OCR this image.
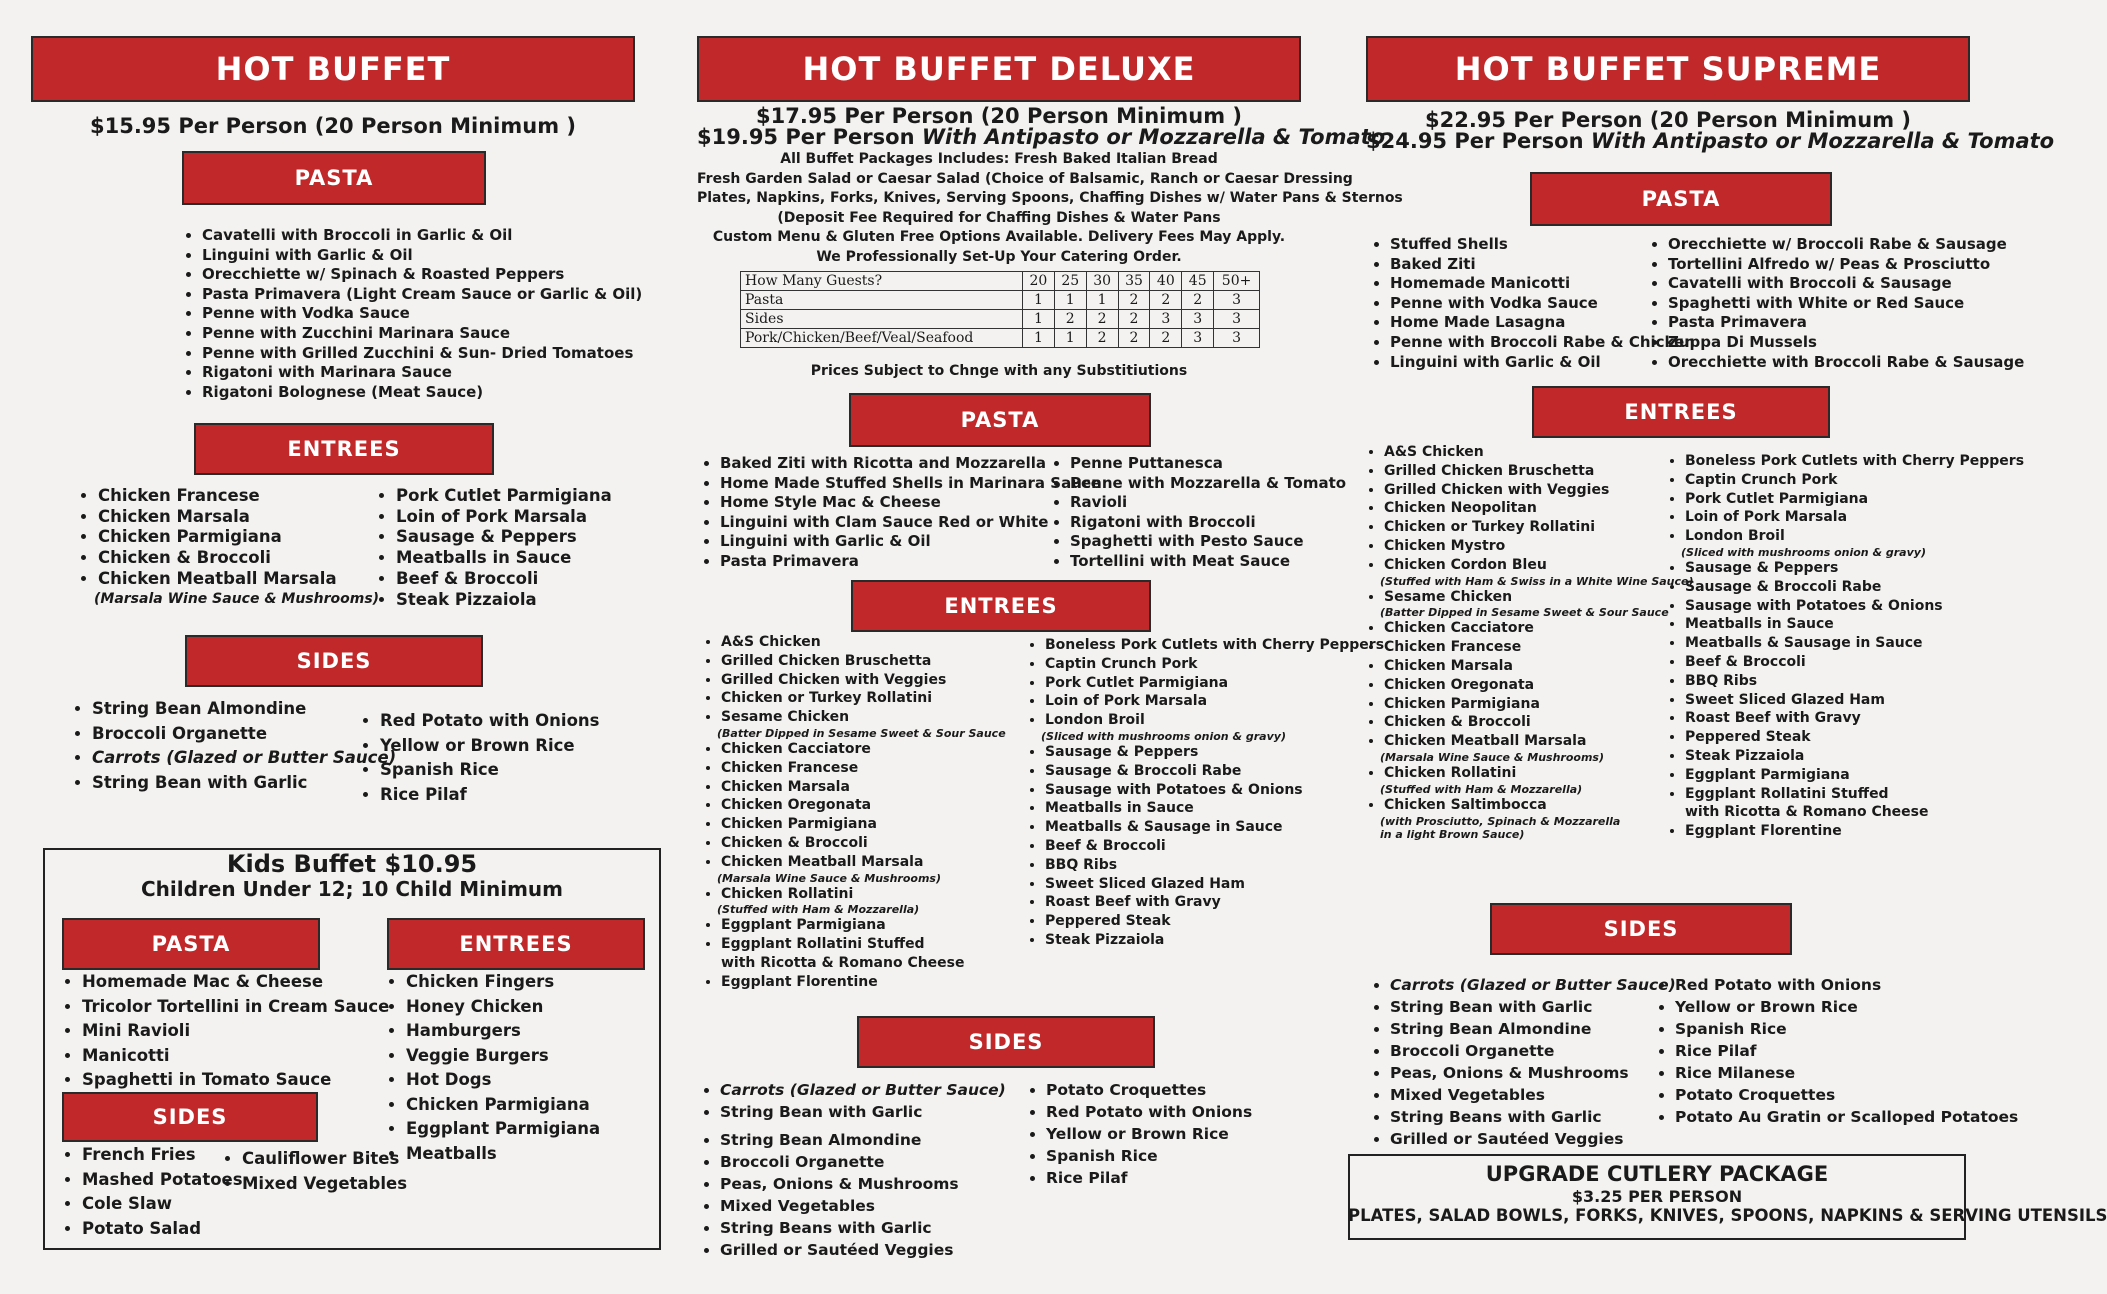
HOT BUFFET
$15.95 Per Person (20 Person Minimum )
PASTA
• Cavatelli with Broccoli in Garlic & Oil
• Linguini with Garlic & Oil
• Orecchiette w/ Spinach & Roasted Peppers
• Pasta Primavera (Light Cream Sauce or Garlic & Oil)
• Penne with Vodka Sauce
• Penne with Zucchini Marinara Sauce
• Penne with Grilled Zucchini & Sun- Dried Tomatoes
• Rigatoni with Marinara Sauce
• Rigatoni Bolognese (Meat Sauce)
ENTREES
• Chicken Francese
• Chicken Marsala
• Chicken Parmigiana
• Chicken & Broccoli
• Chicken Meatball Marsala
(Marsala Wine Sauce & Mushrooms)
• Pork Cutlet Parmigiana
• Loin of Pork Marsala
• Sausage & Peppers
• Meatballs in Sauce
• Beef & Broccoli
• Steak Pizzaiola
SIDES
• String Bean Almondine
• Broccoli Organette
• Carrots (Glazed or Butter Sauce)
• String Bean with Garlic
• Red Potato with Onions
• Yellow or Brown Rice
• Spanish Rice
• Rice Pilaf
Kids Buffet $10.95
Children Under 12; 10 Child Minimum
PASTA	ENTREES
• Homemade Mac & Cheese
• Tricolor Tortellini in Cream Sauce
• Mini Ravioli
• Manicotti
• Spaghetti in Tomato Sauce
• Chicken Fingers
• Honey Chicken
• Hamburgers
• Veggie Burgers
• Hot Dogs
• Chicken Parmigiana
• Eggplant Parmigiana
• Meatballs
SIDES
• French Fries
• Mashed Potatoes
• Cole Slaw
• Potato Salad
• Cauliflower Bites
• Mixed Vegetables
HOT BUFFET DELUXE
$17.95 Per Person (20 Person Minimum )
$19.95 Per Person With Antipasto or Mozzarella & Tomato
All Buffet Packages Includes: Fresh Baked Italian Bread
Fresh Garden Salad or Caesar Salad (Choice of Balsamic, Ranch or Caesar Dressing
Plates, Napkins, Forks, Knives, Serving Spoons, Chaffing Dishes w/ Water Pans & Sternos
(Deposit Fee Required for Chaffing Dishes & Water Pans
Custom Menu & Gluten Free Options Available. Delivery Fees May Apply.
We Professionally Set-Up Your Catering Order.
How Many Guests?	20	25	30	35	40	45	50+
Pasta	1	1	1	2	2	2	3
Sides	1	2	2	2	3	3	3
Pork/Chicken/Beef/Veal/Seafood	1	1	2	2	2	3	3
Prices Subject to Chnge with any Substitiutions
PASTA
• Baked Ziti with Ricotta and Mozzarella
• Home Made Stuffed Shells in Marinara Sauce
• Home Style Mac & Cheese
• Linguini with Clam Sauce Red or White
• Linguini with Garlic & Oil
• Pasta Primavera
• Penne Puttanesca
• Penne with Mozzarella & Tomato
• Ravioli
• Rigatoni with Broccoli
• Spaghetti with Pesto Sauce
• Tortellini with Meat Sauce
ENTREES
• A&S Chicken
• Grilled Chicken Bruschetta
• Grilled Chicken with Veggies
• Chicken or Turkey Rollatini
• Sesame Chicken
(Batter Dipped in Sesame Sweet & Sour Sauce
• Chicken Cacciatore
• Chicken Francese
• Chicken Marsala
• Chicken Oregonata
• Chicken Parmigiana
• Chicken & Broccoli
• Chicken Meatball Marsala
(Marsala Wine Sauce & Mushrooms)
• Chicken Rollatini
(Stuffed with Ham & Mozzarella)
• Eggplant Parmigiana
• Eggplant Rollatini Stuffed
with Ricotta & Romano Cheese
• Eggplant Florentine
• Boneless Pork Cutlets with Cherry Peppers
• Captin Crunch Pork
• Pork Cutlet Parmigiana
• Loin of Pork Marsala
• London Broil
(Sliced with mushrooms onion & gravy)
• Sausage & Peppers
• Sausage & Broccoli Rabe
• Sausage with Potatoes & Onions
• Meatballs in Sauce
• Meatballs & Sausage in Sauce
• Beef & Broccoli
• BBQ Ribs
• Sweet Sliced Glazed Ham
• Roast Beef with Gravy
• Peppered Steak
• Steak Pizzaiola
SIDES
• Carrots (Glazed or Butter Sauce)
• String Bean with Garlic
• String Bean Almondine
• Broccoli Organette
• Peas, Onions & Mushrooms
• Mixed Vegetables
• String Beans with Garlic
• Grilled or Sautéed Veggies
• Potato Croquettes
• Red Potato with Onions
• Yellow or Brown Rice
• Spanish Rice
• Rice Pilaf
HOT BUFFET SUPREME
$22.95 Per Person (20 Person Minimum )
$24.95 Per Person With Antipasto or Mozzarella & Tomato
PASTA
• Stuffed Shells
• Baked Ziti
• Homemade Manicotti
• Penne with Vodka Sauce
• Home Made Lasagna
• Penne with Broccoli Rabe & Chicken
• Linguini with Garlic & Oil
• Orecchiette w/ Broccoli Rabe & Sausage
• Tortellini Alfredo w/ Peas & Prosciutto
• Cavatelli with Broccoli & Sausage
• Spaghetti with White or Red Sauce
• Pasta Primavera
• Zuppa Di Mussels
• Orecchiette with Broccoli Rabe & Sausage
ENTREES
• A&S Chicken
• Grilled Chicken Bruschetta
• Grilled Chicken with Veggies
• Chicken Neopolitan
• Chicken or Turkey Rollatini
• Chicken Mystro
• Chicken Cordon Bleu
(Stuffed with Ham & Swiss in a White Wine Sauce)
• Sesame Chicken
(Batter Dipped in Sesame Sweet & Sour Sauce
• Chicken Cacciatore
• Chicken Francese
• Chicken Marsala
• Chicken Oregonata
• Chicken Parmigiana
• Chicken & Broccoli
• Chicken Meatball Marsala
(Marsala Wine Sauce & Mushrooms)
• Chicken Rollatini
(Stuffed with Ham & Mozzarella)
• Chicken Saltimbocca
(with Prosciutto, Spinach & Mozzarella
in a light Brown Sauce)
• Boneless Pork Cutlets with Cherry Peppers
• Captin Crunch Pork
• Pork Cutlet Parmigiana
• Loin of Pork Marsala
• London Broil
(Sliced with mushrooms onion & gravy)
• Sausage & Peppers
• Sausage & Broccoli Rabe
• Sausage with Potatoes & Onions
• Meatballs in Sauce
• Meatballs & Sausage in Sauce
• Beef & Broccoli
• BBQ Ribs
• Sweet Sliced Glazed Ham
• Roast Beef with Gravy
• Peppered Steak
• Steak Pizzaiola
• Eggplant Parmigiana
• Eggplant Rollatini Stuffed
with Ricotta & Romano Cheese
• Eggplant Florentine
SIDES
• Carrots (Glazed or Butter Sauce)
• String Bean with Garlic
• String Bean Almondine
• Broccoli Organette
• Peas, Onions & Mushrooms
• Mixed Vegetables
• String Beans with Garlic
• Grilled or Sautéed Veggies
• Red Potato with Onions
• Yellow or Brown Rice
• Spanish Rice
• Rice Pilaf
• Rice Milanese
• Potato Croquettes
• Potato Au Gratin or Scalloped Potatoes
UPGRADE CUTLERY PACKAGE
$3.25 PER PERSON
PLATES, SALAD BOWLS, FORKS, KNIVES, SPOONS, NAPKINS & SERVING UTENSILS
